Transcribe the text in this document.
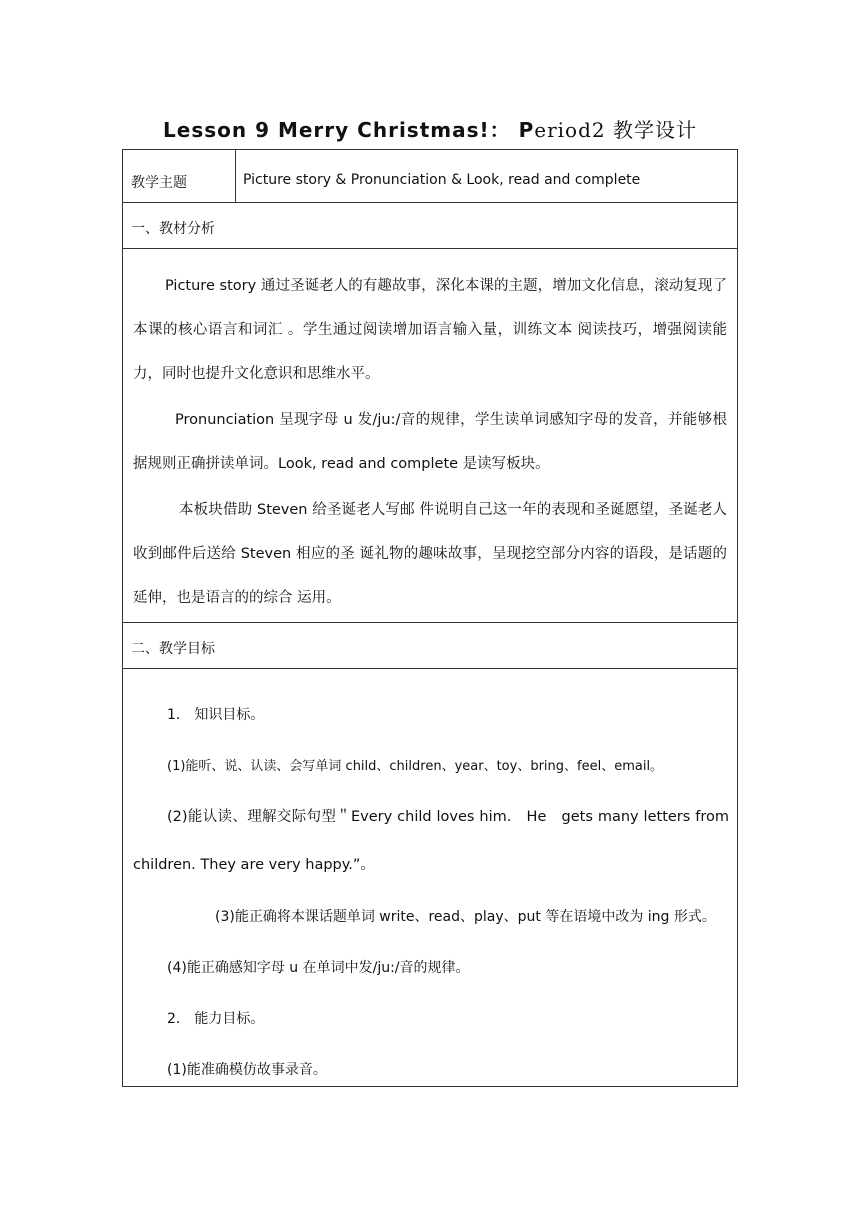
Lesson 9 Merry Christmas!： Period2 教学设计
教学主题	Picture story & Pronunciation & Look, read and complete
一、教材分析
Picture story 通过圣诞老人的有趣故事，深化本课的主题，增加文化信息，滚动复现了本课的核心语言和词汇 。学生通过阅读增加语言输入量，训练文本 阅读技巧，增强阅读能力，同时也提升文化意识和思维水平。
Pronunciation 呈现字母 u 发/ju:/音的规律，学生读单词感知字母的发音，并能够根据规则正确拼读单词。Look, read and complete 是读写板块。
本板块借助 Steven 给圣诞老人写邮 件说明自己这一年的表现和圣诞愿望，圣诞老人收到邮件后送给 Steven 相应的圣 诞礼物的趣味故事，呈现挖空部分内容的语段，是话题的延伸，也是语言的的综合 运用。
二、教学目标
1.　知识目标。
(1)能听、说、认读、会写单词 child、children、year、toy、bring、feel、email。
(2)能认读、理解交际句型＂Every child loves him.　He　gets many letters from children. They are very happy.”。
(3)能正确将本课话题单词 write、read、play、put 等在语境中改为 ing 形式。
(4)能正确感知字母 u 在单词中发/ju:/音的规律。
2.　能力目标。
(1)能准确模仿故事录音。
